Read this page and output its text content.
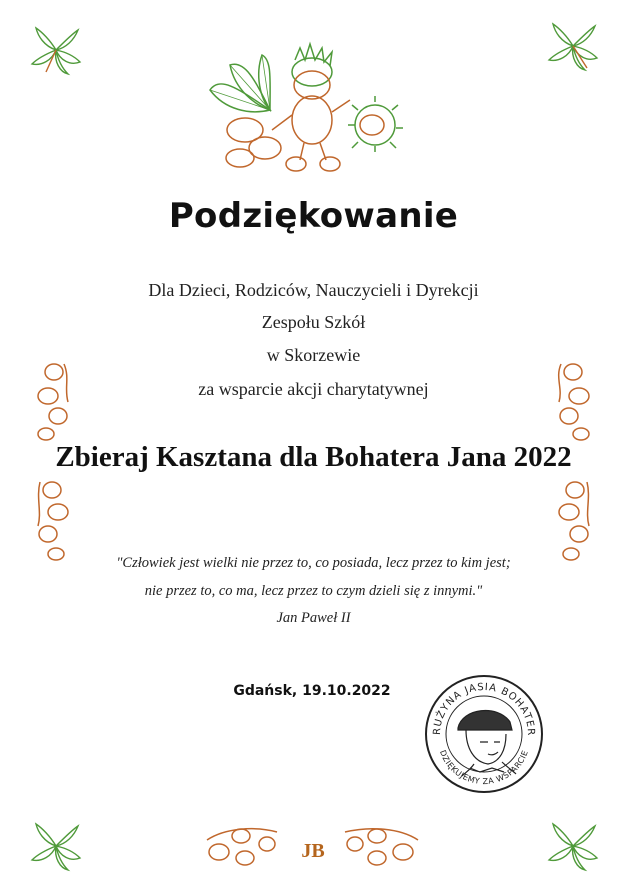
Podziękowanie
Dla Dzieci, Rodziców, Nauczycieli i Dyrekcji
Zespołu Szkół
w Skorzewie
za wsparcie akcji charytatywnej
Zbieraj Kasztana dla Bohatera Jana 2022
"Człowiek jest wielki nie przez to, co posiada, lecz przez to kim jest;
nie przez to, co ma, lecz przez to czym dzieli się z innymi."
Jan Paweł II
Gdańsk, 19.10.2022
DRUŻYNA JASIA BOHATERA
DZIĘKUJEMY ZA WSPARCIE
JB
